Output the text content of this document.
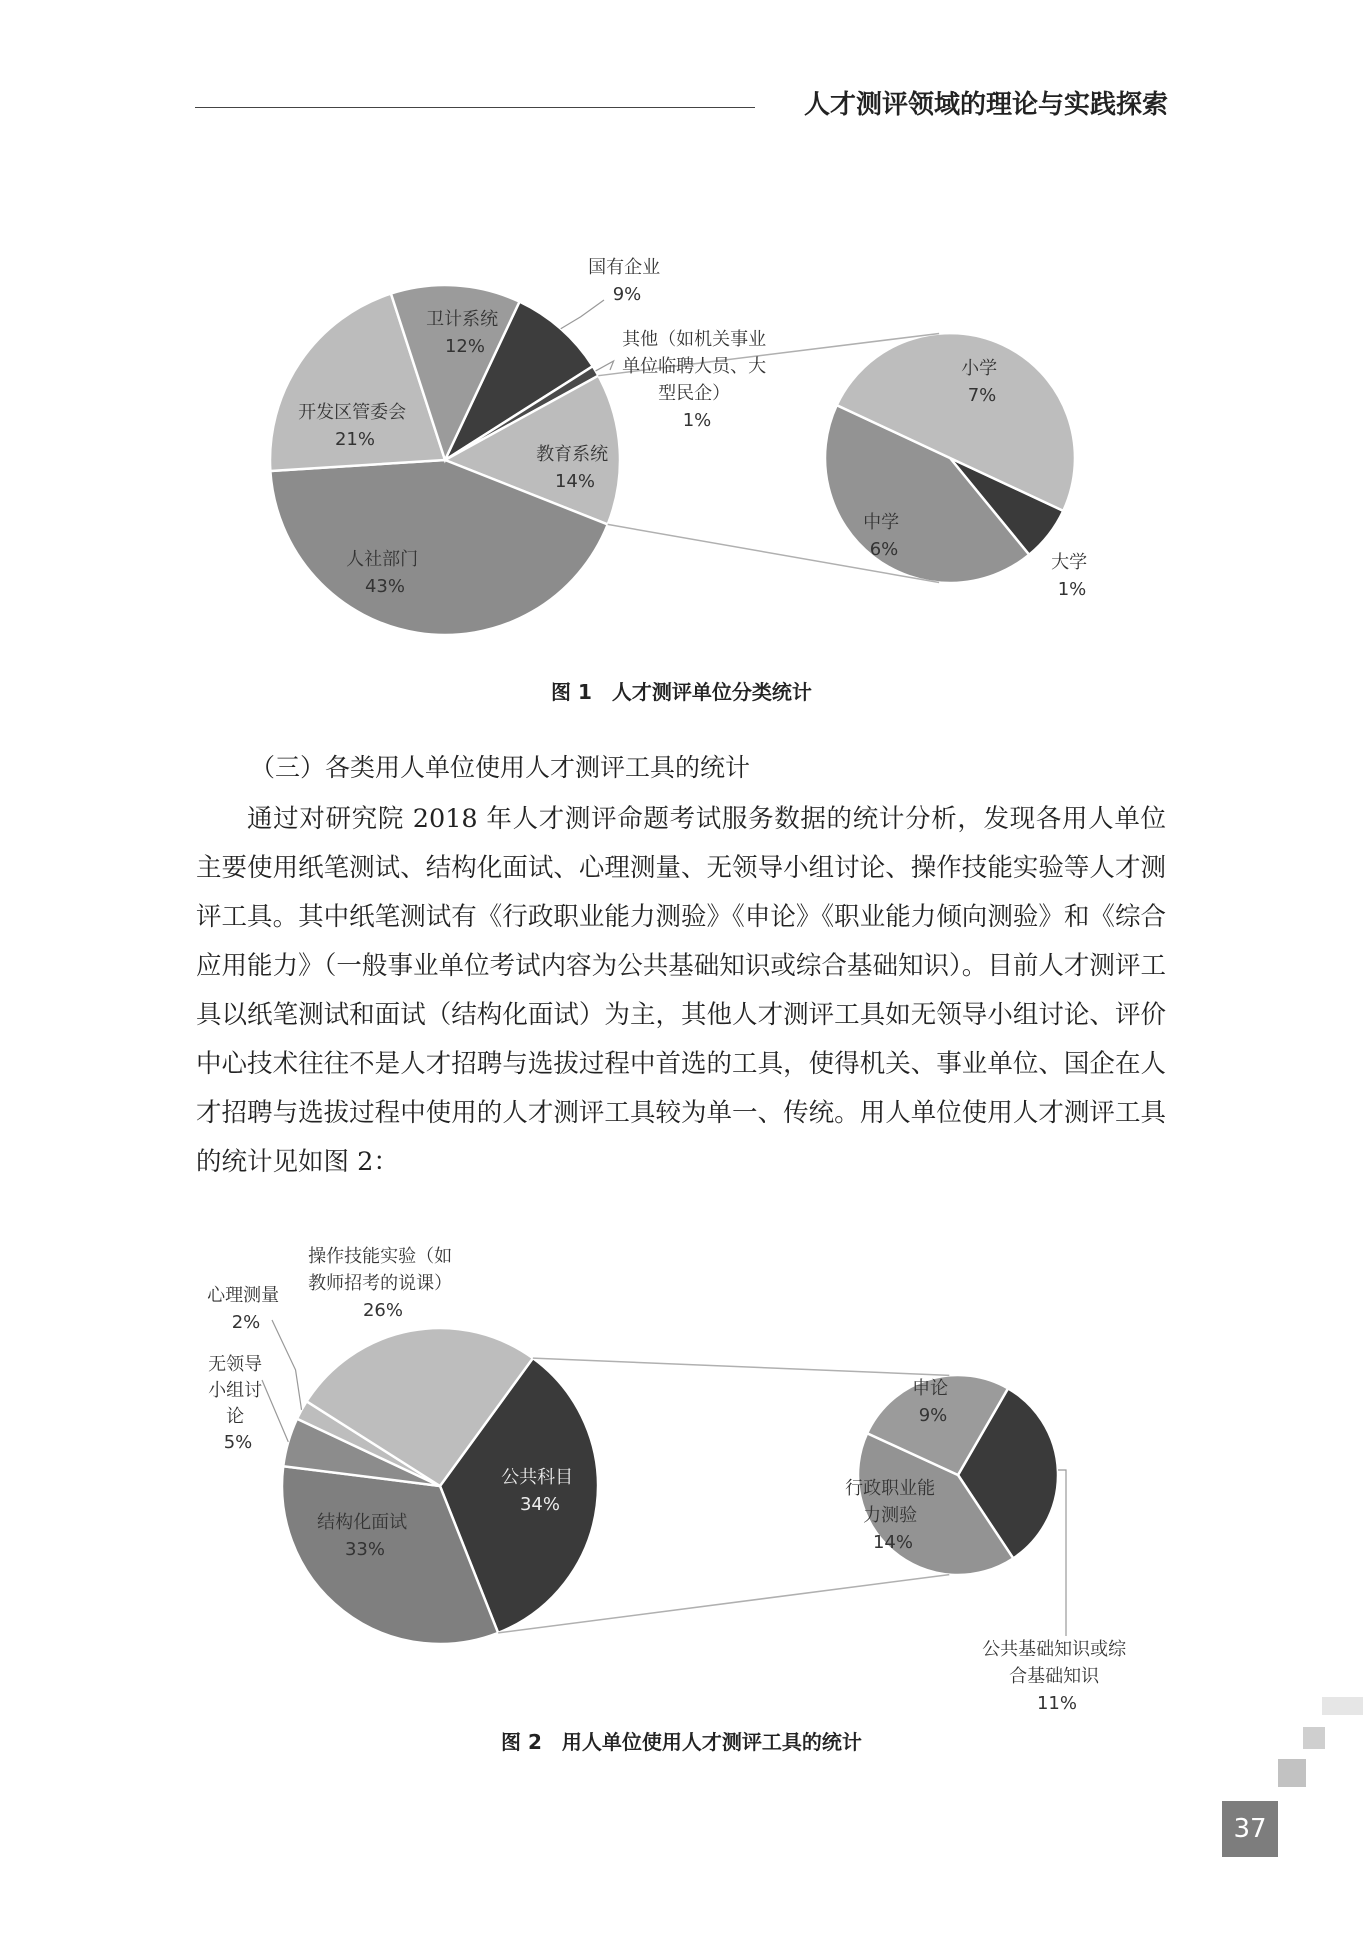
人才测评领域的理论与实践探索
国有企业 9%
其他（如机关事业 单位临聘人员、大 型民企） 1%
卫计系统 12%
开发区管委会 21%
教育系统 14%
人社部门 43%
小学 7%
中学 6%
大学 1%
图 1　人才测评单位分类统计
（三）各类用人单位使用人才测评工具的统计

通过对研究院 2018 年人才测评命题考试服务数据的统计分析，发现各用人单位主要使用纸笔测试、结构化面试、心理测量、无领导小组讨论、操作技能实验等人才测评工具。其中纸笔测试有《行政职业能力测验》《申论》《职业能力倾向测验》和《综合应用能力》（一般事业单位考试内容为公共基础知识或综合基础知识）。目前人才测评工具以纸笔测试和面试（结构化面试）为主，其他人才测评工具如无领导小组讨论、评价中心技术往往不是人才招聘与选拔过程中首选的工具，使得机关、事业单位、国企在人才招聘与选拔过程中使用的人才测评工具较为单一、传统。用人单位使用人才测评工具的统计见如图 2：

操作技能实验（如 教师招考的说课） 26%
心理测量 2%
无领导 小组讨 论 5%
公共科目 34%
结构化面试 33%
申论 9%
行政职业能 力测验 14%
公共基础知识或综 合基础知识 11%
图 2　用人单位使用人才测评工具的统计
37
